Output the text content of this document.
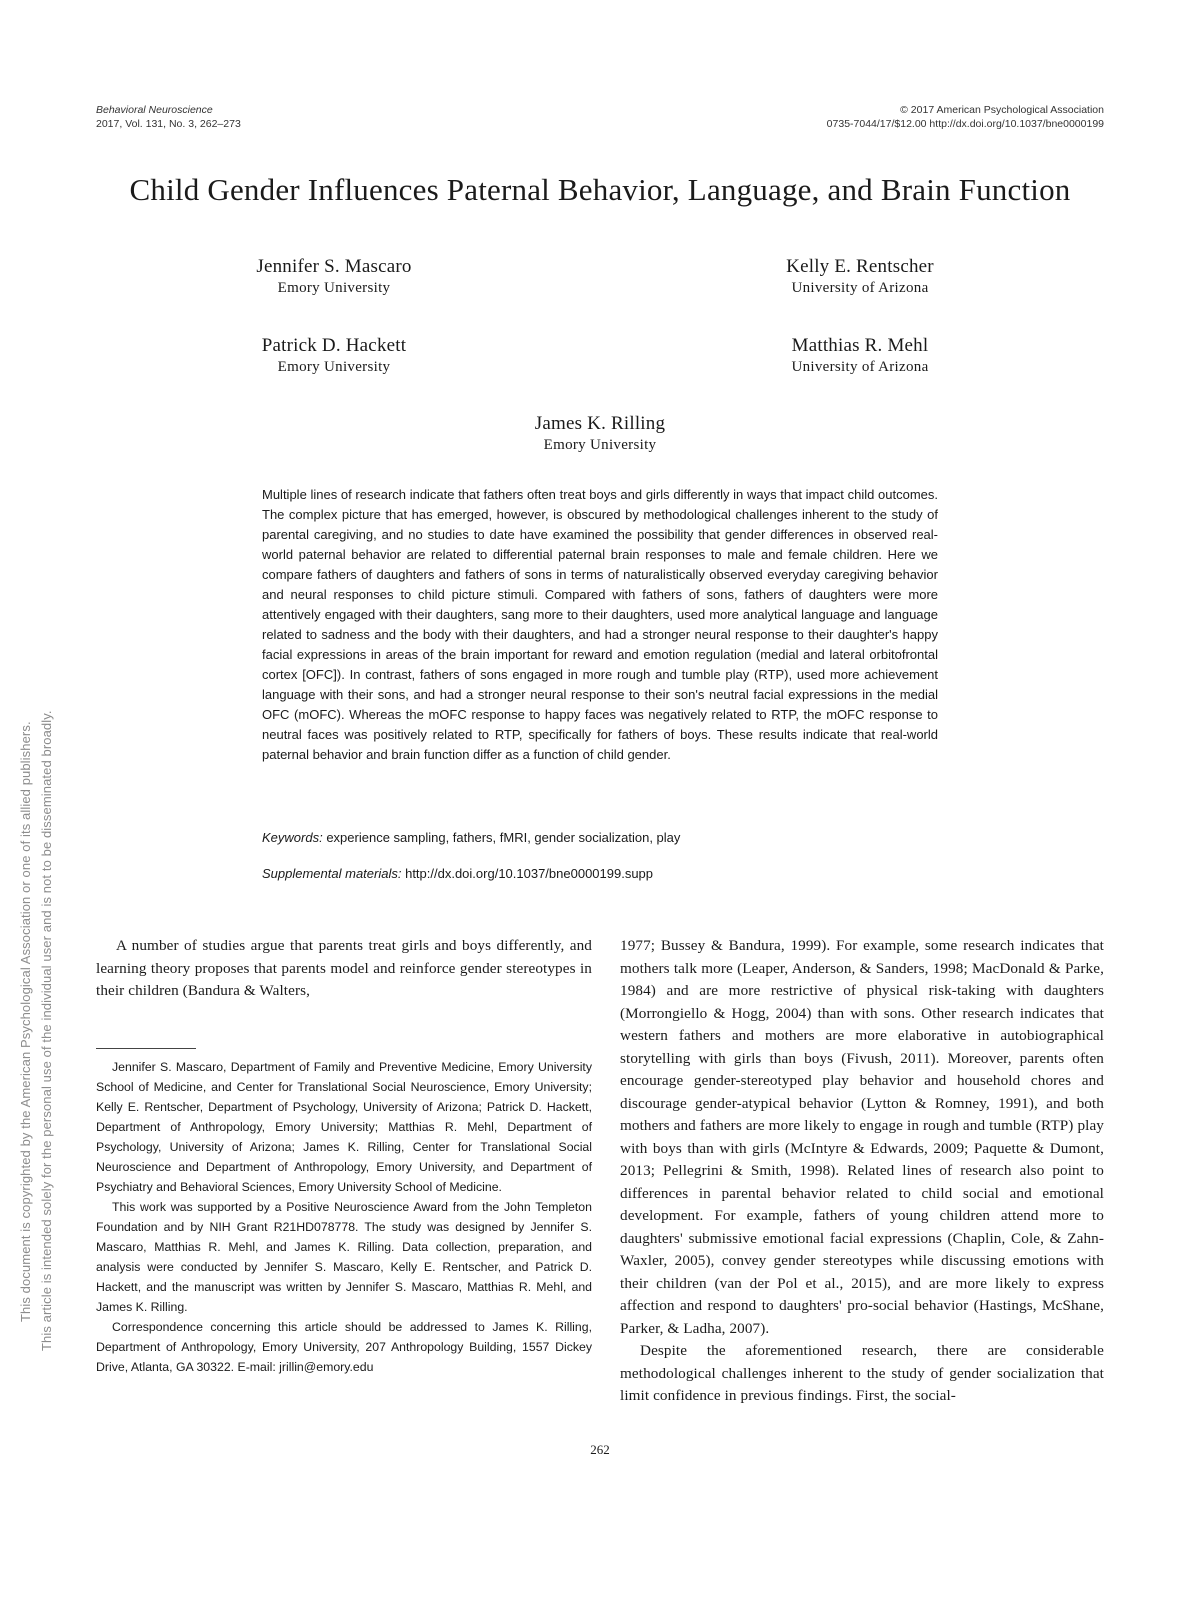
Behavioral Neuroscience
2017, Vol. 131, No. 3, 262–273
© 2017 American Psychological Association
0735-7044/17/$12.00 http://dx.doi.org/10.1037/bne0000199
This document is copyrighted by the American Psychological Association or one of its allied publishers. This article is intended solely for the personal use of the individual user and is not to be disseminated broadly.
Child Gender Influences Paternal Behavior, Language, and Brain Function
Jennifer S. Mascaro
Emory University
Kelly E. Rentscher
University of Arizona
Patrick D. Hackett
Emory University
Matthias R. Mehl
University of Arizona
James K. Rilling
Emory University
Multiple lines of research indicate that fathers often treat boys and girls differently in ways that impact child outcomes. The complex picture that has emerged, however, is obscured by methodological challenges inherent to the study of parental caregiving, and no studies to date have examined the possibility that gender differences in observed real-world paternal behavior are related to differential paternal brain responses to male and female children. Here we compare fathers of daughters and fathers of sons in terms of naturalistically observed everyday caregiving behavior and neural responses to child picture stimuli. Compared with fathers of sons, fathers of daughters were more attentively engaged with their daughters, sang more to their daughters, used more analytical language and language related to sadness and the body with their daughters, and had a stronger neural response to their daughter's happy facial expressions in areas of the brain important for reward and emotion regulation (medial and lateral orbitofrontal cortex [OFC]). In contrast, fathers of sons engaged in more rough and tumble play (RTP), used more achievement language with their sons, and had a stronger neural response to their son's neutral facial expressions in the medial OFC (mOFC). Whereas the mOFC response to happy faces was negatively related to RTP, the mOFC response to neutral faces was positively related to RTP, specifically for fathers of boys. These results indicate that real-world paternal behavior and brain function differ as a function of child gender.
Keywords: experience sampling, fathers, fMRI, gender socialization, play
Supplemental materials: http://dx.doi.org/10.1037/bne0000199.supp

A number of studies argue that parents treat girls and boys differently, and learning theory proposes that parents model and reinforce gender stereotypes in their children (Bandura & Walters,

Jennifer S. Mascaro, Department of Family and Preventive Medicine, Emory University School of Medicine, and Center for Translational Social Neuroscience, Emory University; Kelly E. Rentscher, Department of Psychology, University of Arizona; Patrick D. Hackett, Department of Anthropology, Emory University; Matthias R. Mehl, Department of Psychology, University of Arizona; James K. Rilling, Center for Translational Social Neuroscience and Department of Anthropology, Emory University, and Department of Psychiatry and Behavioral Sciences, Emory University School of Medicine.

This work was supported by a Positive Neuroscience Award from the John Templeton Foundation and by NIH Grant R21HD078778. The study was designed by Jennifer S. Mascaro, Matthias R. Mehl, and James K. Rilling. Data collection, preparation, and analysis were conducted by Jennifer S. Mascaro, Kelly E. Rentscher, and Patrick D. Hackett, and the manuscript was written by Jennifer S. Mascaro, Matthias R. Mehl, and James K. Rilling.

Correspondence concerning this article should be addressed to James K. Rilling, Department of Anthropology, Emory University, 207 Anthropology Building, 1557 Dickey Drive, Atlanta, GA 30322. E-mail: jrillin@emory.edu

1977; Bussey & Bandura, 1999). For example, some research indicates that mothers talk more (Leaper, Anderson, & Sanders, 1998; MacDonald & Parke, 1984) and are more restrictive of physical risk-taking with daughters (Morrongiello & Hogg, 2004) than with sons. Other research indicates that western fathers and mothers are more elaborative in autobiographical storytelling with girls than boys (Fivush, 2011). Moreover, parents often encourage gender-stereotyped play behavior and household chores and discourage gender-atypical behavior (Lytton & Romney, 1991), and both mothers and fathers are more likely to engage in rough and tumble (RTP) play with boys than with girls (McIntyre & Edwards, 2009; Paquette & Dumont, 2013; Pellegrini & Smith, 1998). Related lines of research also point to differences in parental behavior related to child social and emotional development. For example, fathers of young children attend more to daughters' submissive emotional facial expressions (Chaplin, Cole, & Zahn-Waxler, 2005), convey gender stereotypes while discussing emotions with their children (van der Pol et al., 2015), and are more likely to express affection and respond to daughters' pro-social behavior (Hastings, McShane, Parker, & Ladha, 2007).

Despite the aforementioned research, there are considerable methodological challenges inherent to the study of gender socialization that limit confidence in previous findings. First, the social-

262
